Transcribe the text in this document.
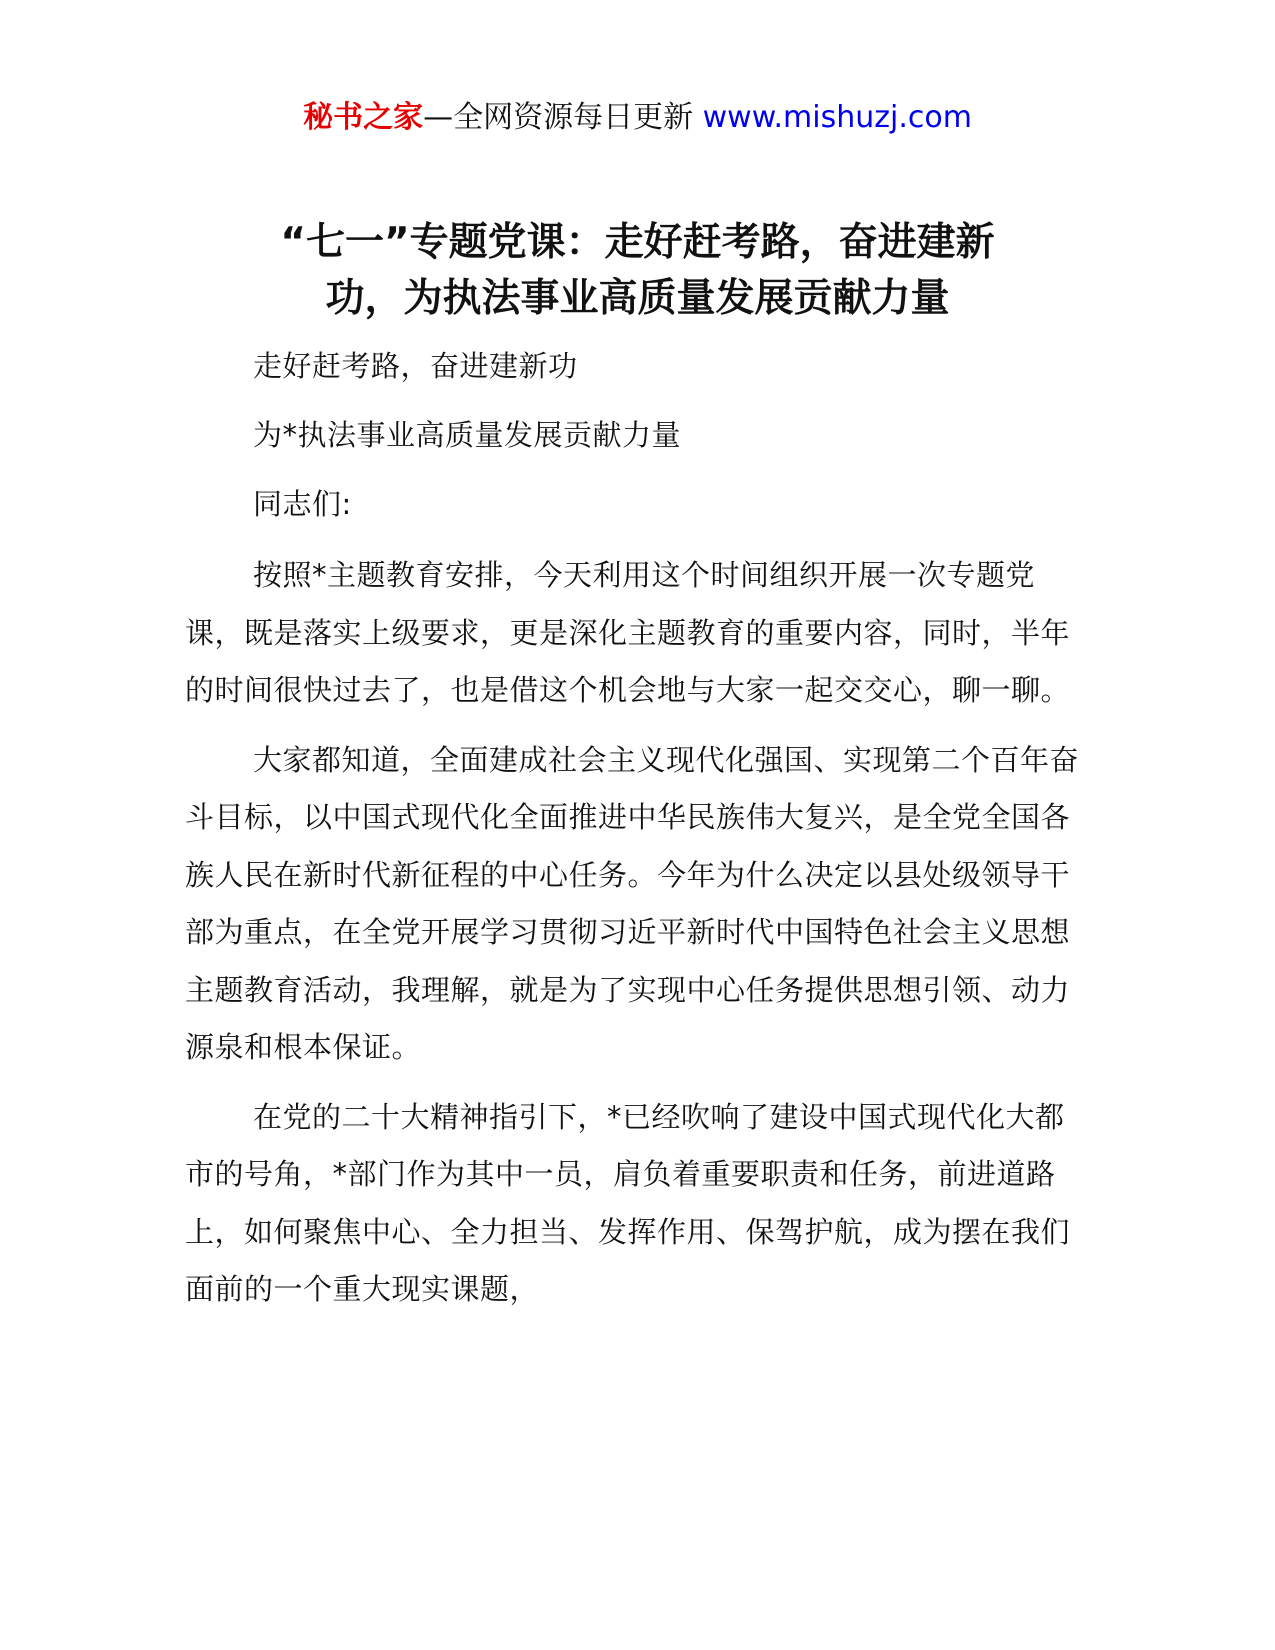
秘书之家—全网资源每日更新 www.mishuzj.com
“七一”专题党课：走好赶考路，奋进建新
功，为执法事业高质量发展贡献力量

走好赶考路，奋进建新功

为*执法事业高质量发展贡献力量

同志们:

按照*主题教育安排，今天利用这个时间组织开展一次专题党课，既是落实上级要求，更是深化主题教育的重要内容，同时，半年的时间很快过去了，也是借这个机会地与大家一起交交心，聊一聊。

大家都知道，全面建成社会主义现代化强国、实现第二个百年奋斗目标，以中国式现代化全面推进中华民族伟大复兴，是全党全国各族人民在新时代新征程的中心任务。今年为什么决定以县处级领导干部为重点，在全党开展学习贯彻习近平新时代中国特色社会主义思想主题教育活动，我理解，就是为了实现中心任务提供思想引领、动力源泉和根本保证。

在党的二十大精神指引下，*已经吹响了建设中国式现代化大都市的号角，*部门作为其中一员，肩负着重要职责和任务，前进道路上，如何聚焦中心、全力担当、发挥作用、保驾护航，成为摆在我们面前的一个重大现实课题，
